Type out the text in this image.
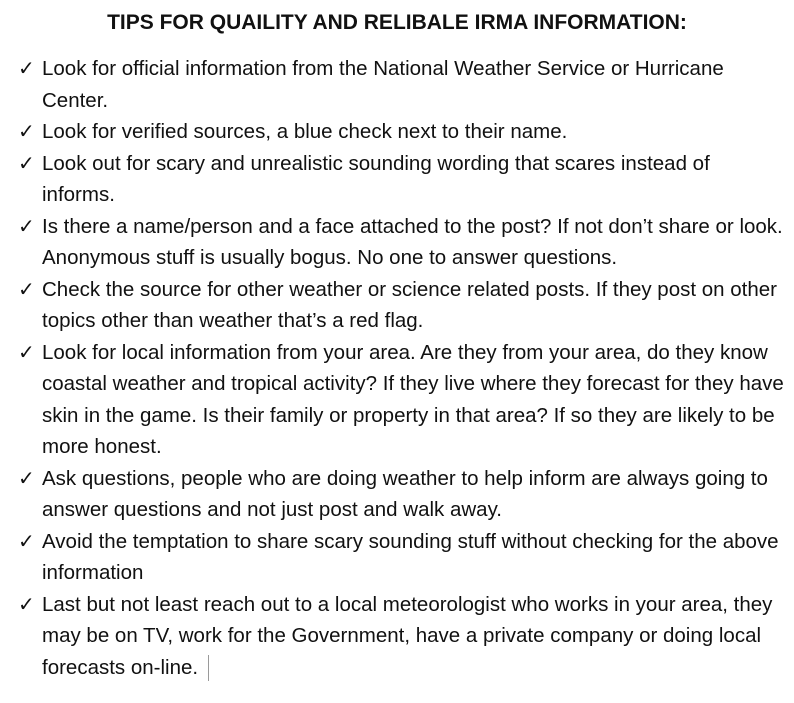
TIPS FOR QUAILITY AND RELIBALE IRMA INFORMATION:
✓ Look for official information from the National Weather Service or Hurricane Center.
✓ Look for verified sources, a blue check next to their name.
✓ Look out for scary and unrealistic sounding wording that scares instead of informs.
✓ Is there a name/person and a face attached to the post? If not don’t share or look. Anonymous stuff is usually bogus. No one to answer questions.
✓ Check the source for other weather or science related posts. If they post on other topics other than weather that’s a red flag.
✓ Look for local information from your area. Are they from your area, do they know coastal weather and tropical activity? If they live where they forecast for they have skin in the game. Is their family or property in that area? If so they are likely to be more honest.
✓ Ask questions, people who are doing weather to help inform are always going to answer questions and not just post and walk away.
✓ Avoid the temptation to share scary sounding stuff without checking for the above information
✓ Last but not least reach out to a local meteorologist who works in your area, they may be on TV, work for the Government, have a private company or doing local forecasts on-line.
